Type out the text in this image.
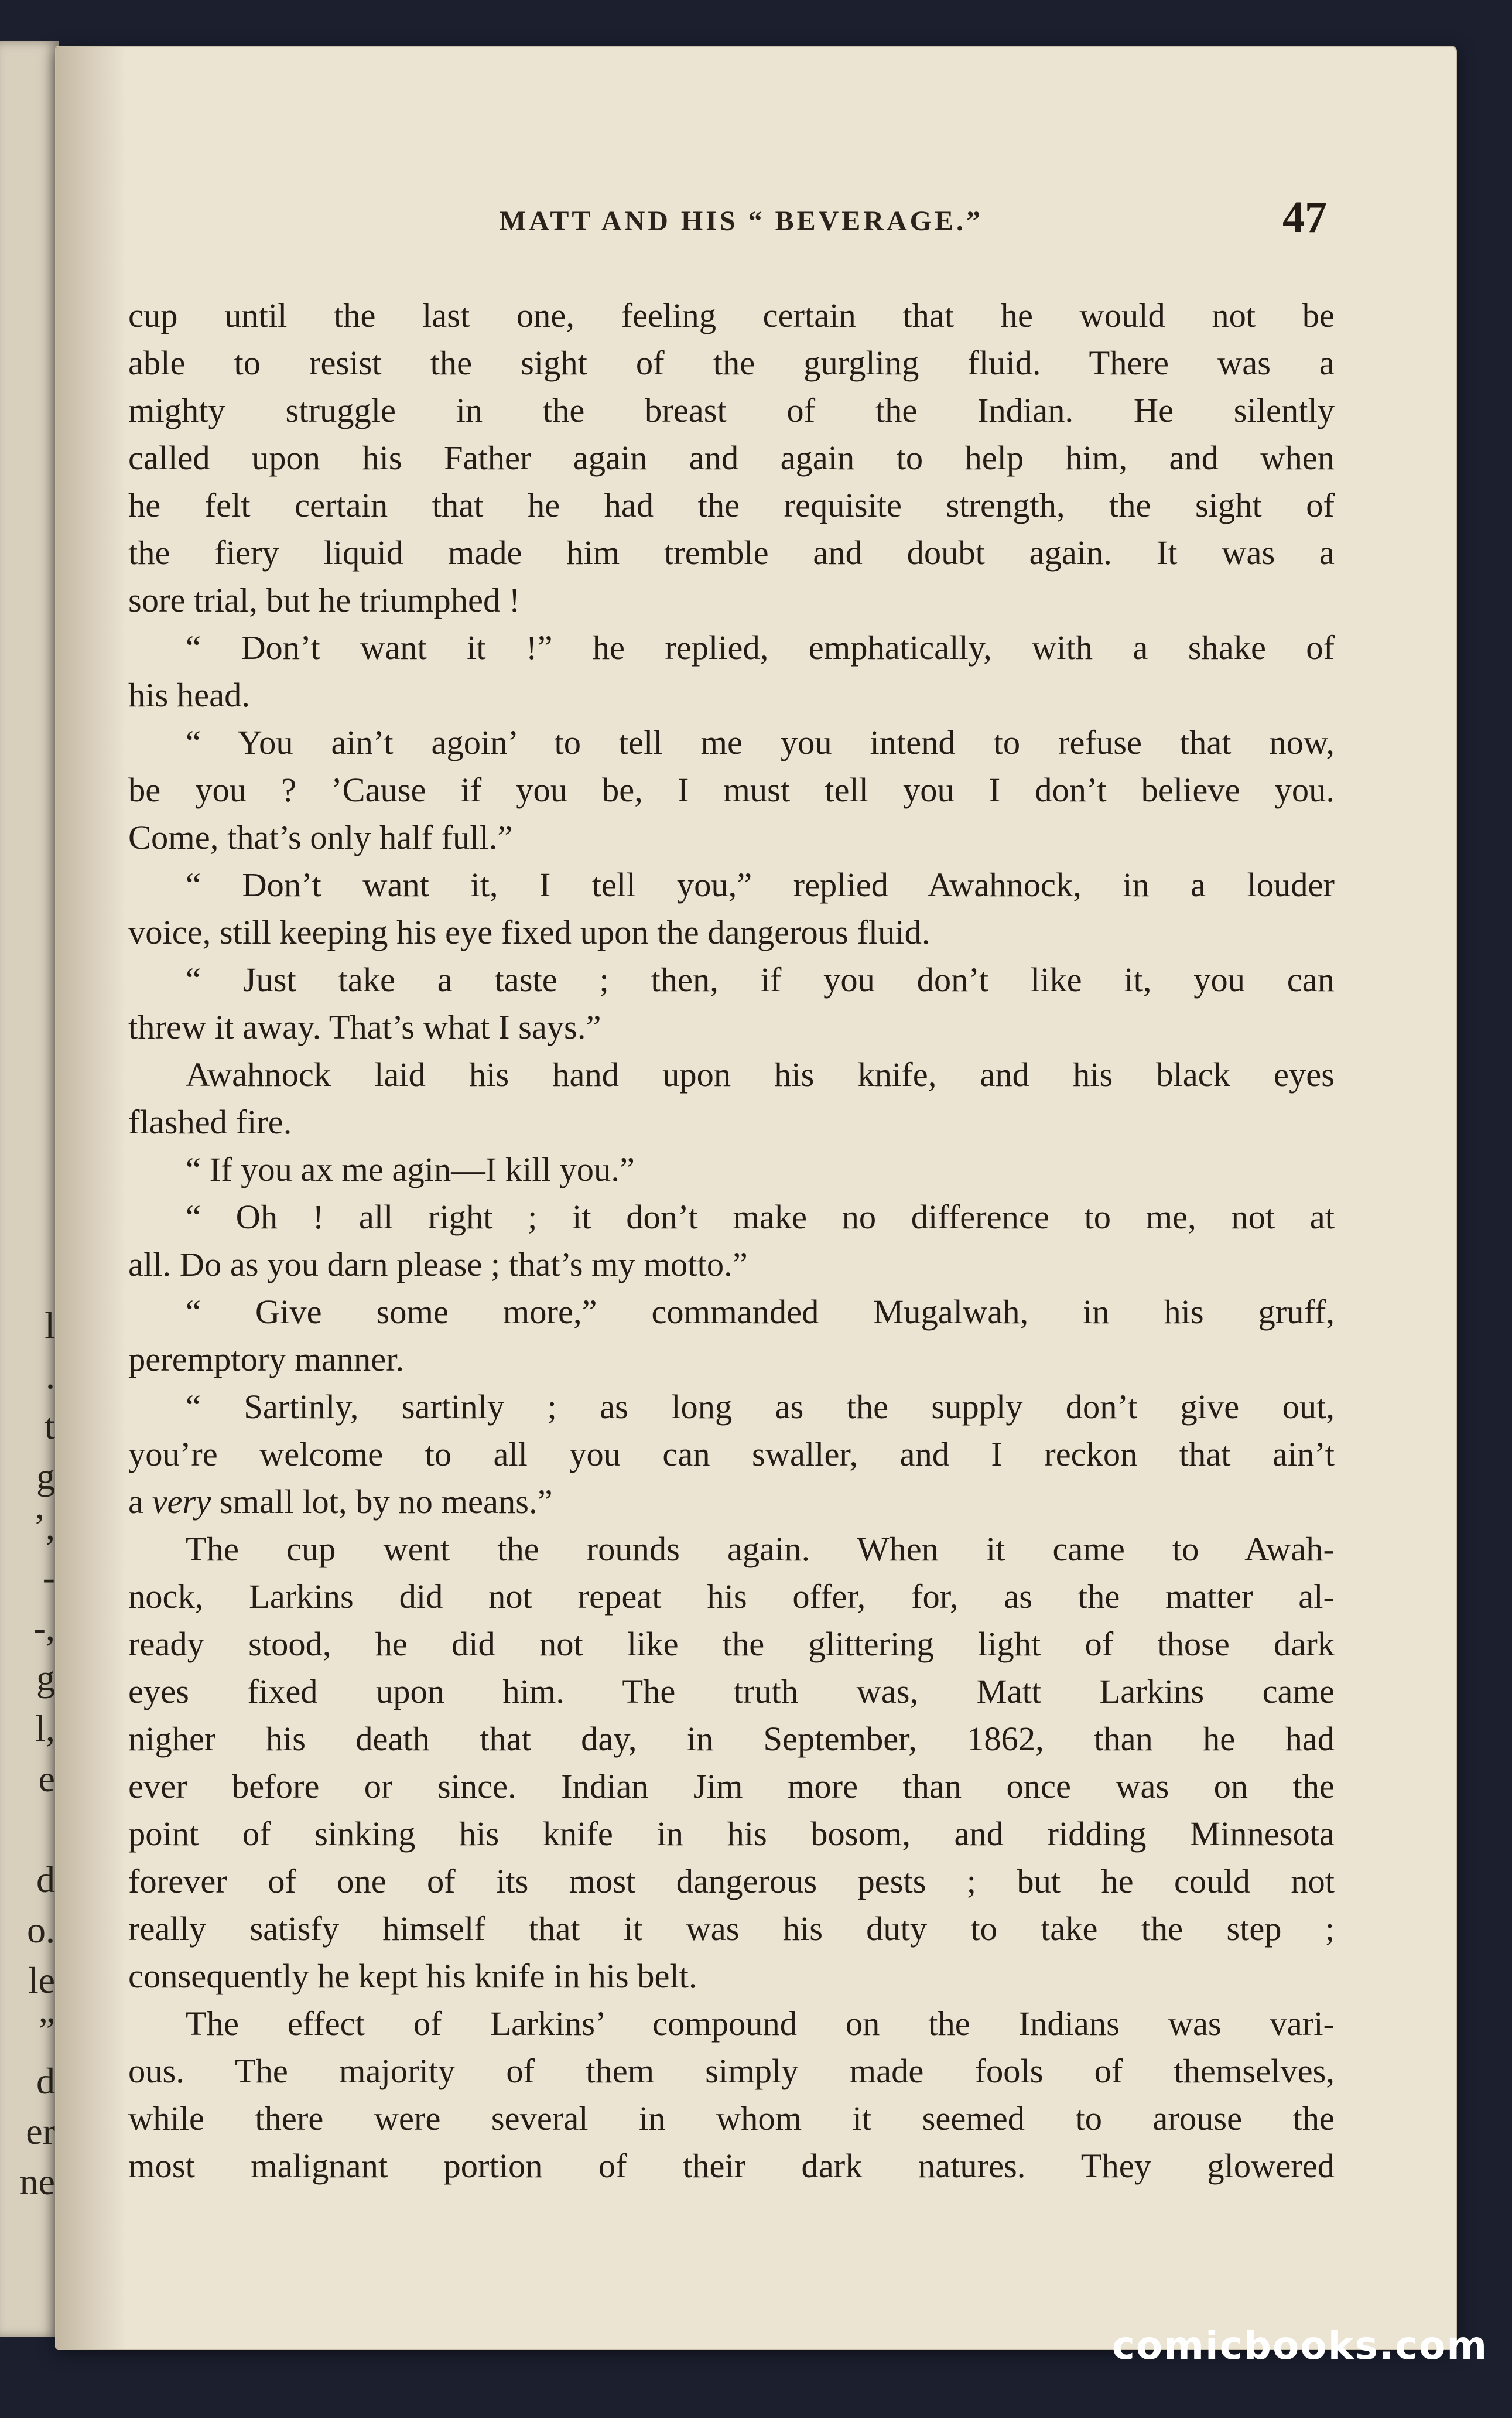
l
.
t
g
’,
-
-,
g
l,
e
d
o.
le
”
d
er
ne
MATT AND HIS “ BEVERAGE.”	47
cup until the last one, feeling certain that he would not be
able to resist the sight of the gurgling fluid. There was a
mighty struggle in the breast of the Indian. He silently
called upon his Father again and again to help him, and when
he felt certain that he had the requisite strength, the sight of
the fiery liquid made him tremble and doubt again. It was a
sore trial, but he triumphed !
“ Don’t want it !” he replied, emphatically, with a shake of
his head.
“ You ain’t agoin’ to tell me you intend to refuse that now,
be you ? ’Cause if you be, I must tell you I don’t believe you.
Come, that’s only half full.”
“ Don’t want it, I tell you,” replied Awahnock, in a louder
voice, still keeping his eye fixed upon the dangerous fluid.
“ Just take a taste ; then, if you don’t like it, you can
threw it away. That’s what I says.”
Awahnock laid his hand upon his knife, and his black eyes
flashed fire.
“ If you ax me agin—I kill you.”
“ Oh ! all right ; it don’t make no difference to me, not at
all. Do as you darn please ; that’s my motto.”
“ Give some more,” commanded Mugalwah, in his gruff,
peremptory manner.
“ Sartinly, sartinly ; as long as the supply don’t give out,
you’re welcome to all you can swaller, and I reckon that ain’t
a very small lot, by no means.”
The cup went the rounds again. When it came to Awah-
nock, Larkins did not repeat his offer, for, as the matter al-
ready stood, he did not like the glittering light of those dark
eyes fixed upon him. The truth was, Matt Larkins came
nigher his death that day, in September, 1862, than he had
ever before or since. Indian Jim more than once was on the
point of sinking his knife in his bosom, and ridding Minnesota
forever of one of its most dangerous pests ; but he could not
really satisfy himself that it was his duty to take the step ;
consequently he kept his knife in his belt.
The effect of Larkins’ compound on the Indians was vari-
ous. The majority of them simply made fools of themselves,
while there were several in whom it seemed to arouse the
most malignant portion of their dark natures. They glowered
comicbooks.com
